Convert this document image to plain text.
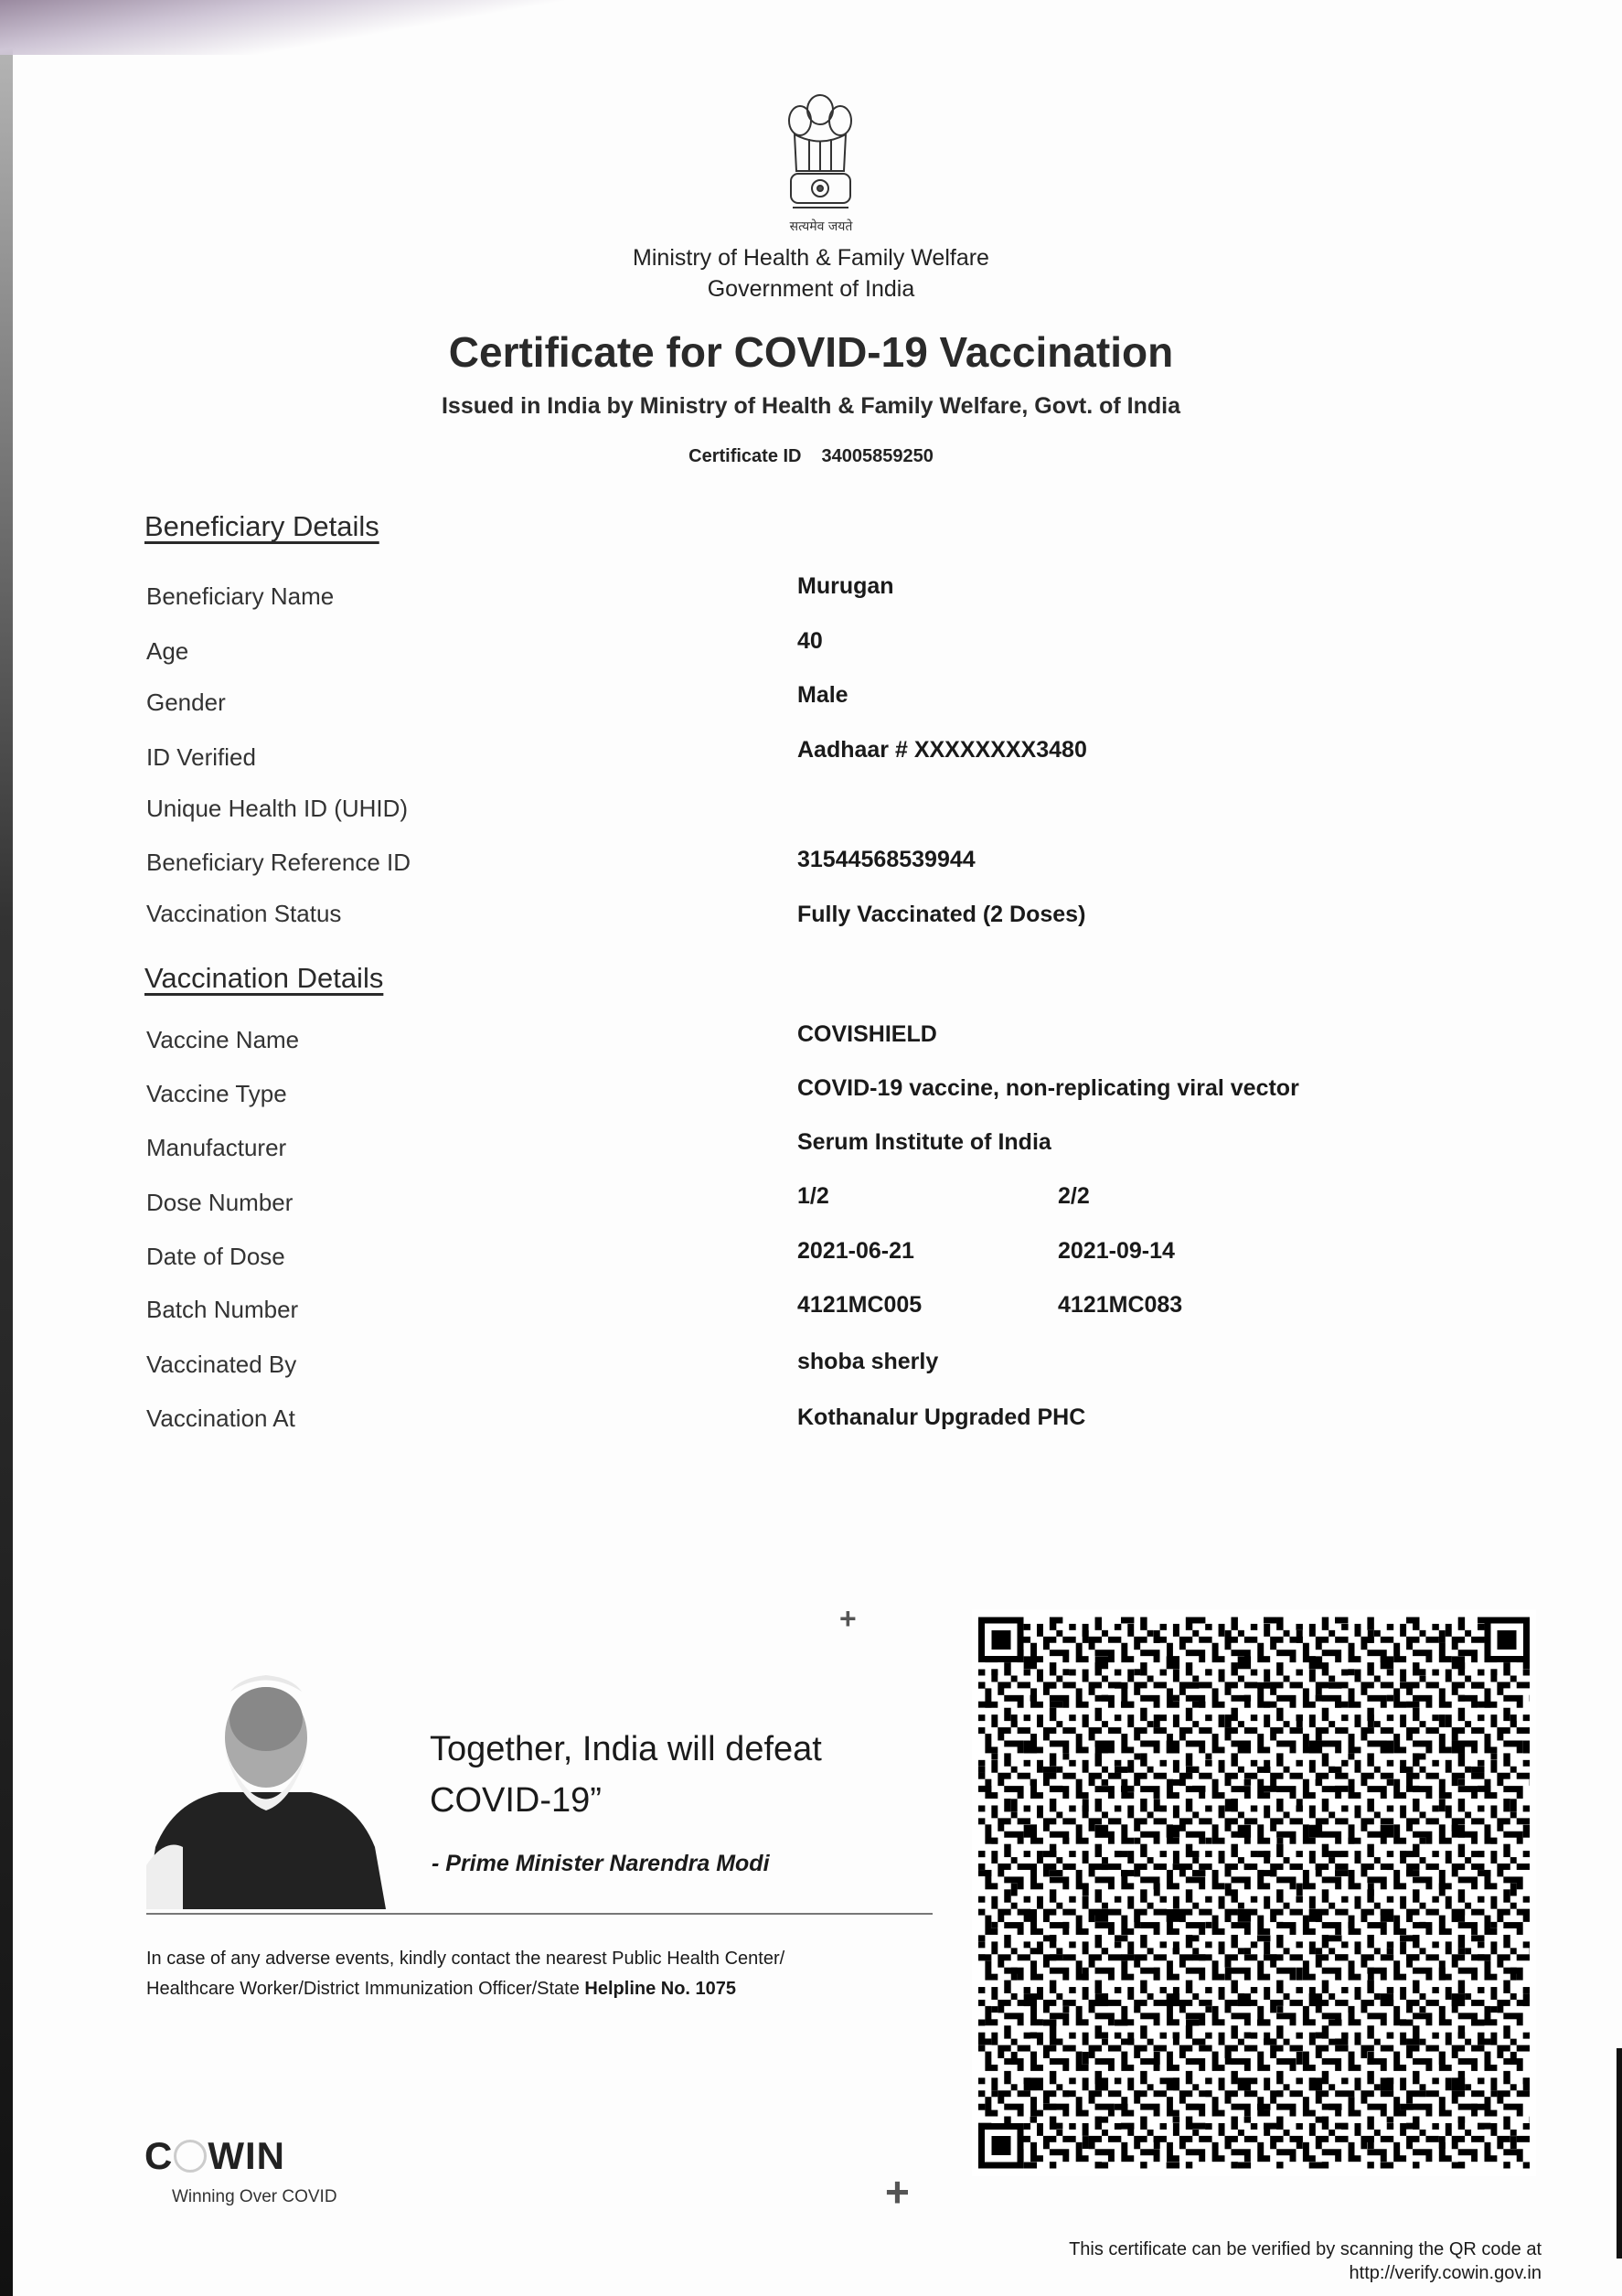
सत्यमेव जयते
Ministry of Health & Family Welfare
Government of India
Certificate for COVID-19 Vaccination
Issued in India by Ministry of Health & Family Welfare, Govt. of India
Certificate ID 34005859250
Beneficiary Details
Beneficiary Name	Murugan
Age	40
Gender	Male
ID Verified	Aadhaar # XXXXXXXX3480
Unique Health ID (UHID)
Beneficiary Reference ID	31544568539944
Vaccination Status	Fully Vaccinated (2 Doses)
Vaccination Details
Vaccine Name	COVISHIELD
Vaccine Type	COVID-19 vaccine, non-replicating viral vector
Manufacturer	Serum Institute of India
Dose Number	1/2	2/2
Date of Dose	2021-06-21	2021-09-14
Batch Number	4121MC005	4121MC083
Vaccinated By	shoba sherly
Vaccination At	Kothanalur Upgraded PHC
+
+
Together, India will defeat
COVID-19”
- Prime Minister Narendra Modi
In case of any adverse events, kindly contact the nearest Public Health Center/
Healthcare Worker/District Immunization Officer/State Helpline No. 1075
C WIN
Winning Over COVID
This certificate can be verified by scanning the QR code at
http://verify.cowin.gov.in
